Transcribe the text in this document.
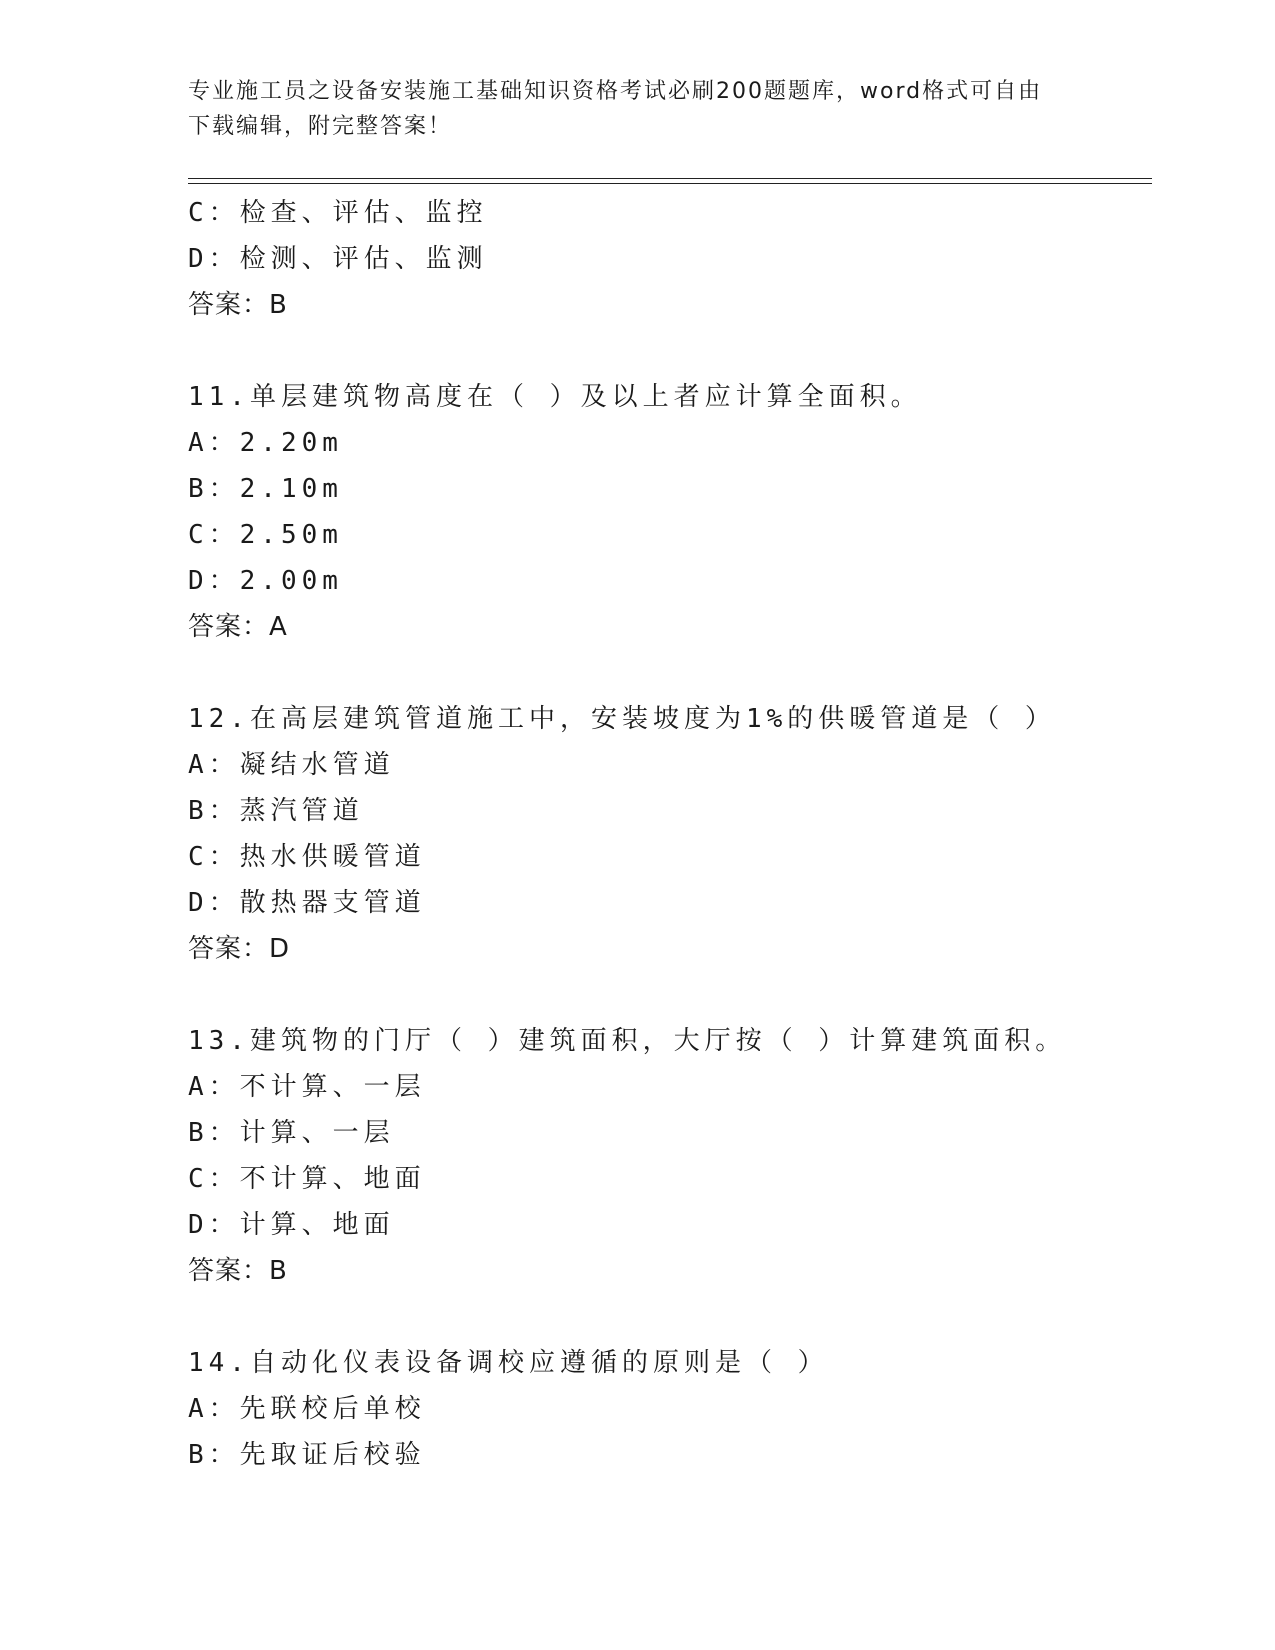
专业施工员之设备安装施工基础知识资格考试必刷200题题库，word格式可自由
下载编辑，附完整答案！
C：检查、评估、监控
D：检测、评估、监测
答案：B
11.单层建筑物高度在（ ）及以上者应计算全面积。
A：2.20m
B：2.10m
C：2.50m
D：2.00m
答案：A
12.在高层建筑管道施工中，安装坡度为1%的供暖管道是（ ）
A：凝结水管道
B：蒸汽管道
C：热水供暖管道
D：散热器支管道
答案：D
13.建筑物的门厅（ ）建筑面积，大厅按（ ）计算建筑面积。
A：不计算、一层
B：计算、一层
C：不计算、地面
D：计算、地面
答案：B
14.自动化仪表设备调校应遵循的原则是（ ）
A：先联校后单校
B：先取证后校验
